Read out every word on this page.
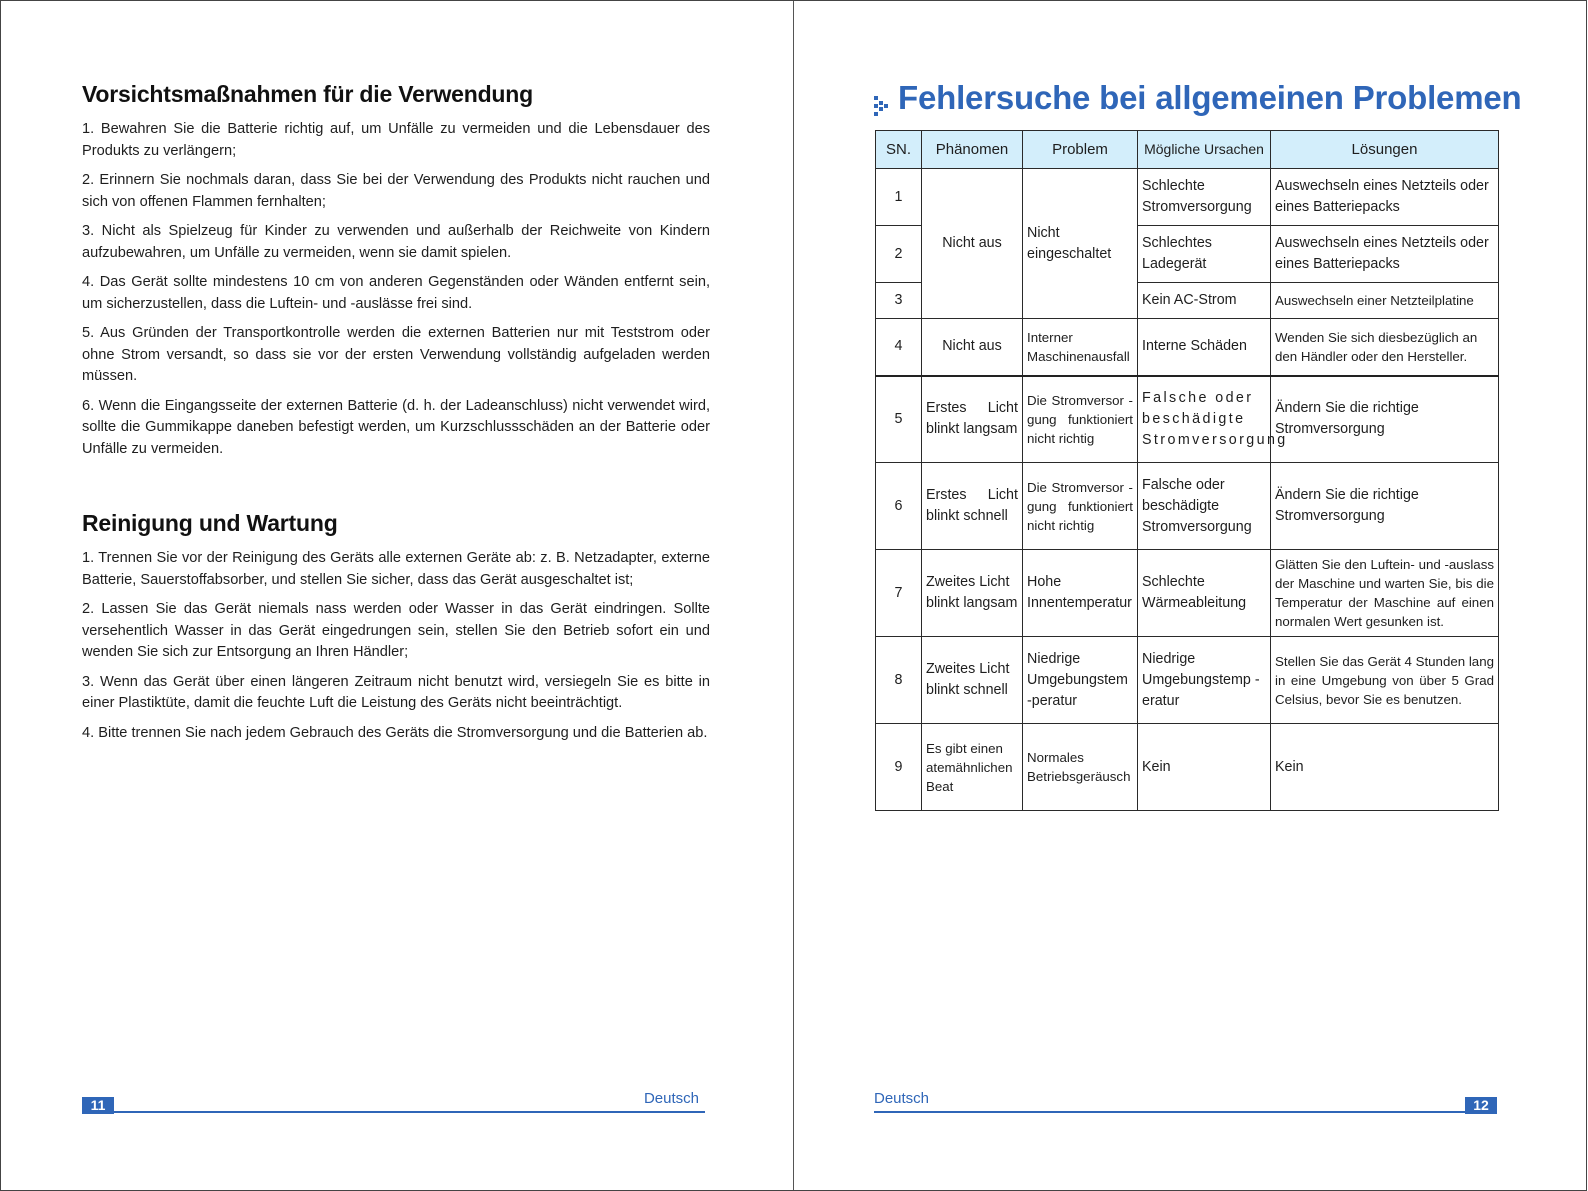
Vorsichtsmaßnahmen für die Verwendung

1. Bewahren Sie die Batterie richtig auf, um Unfälle zu vermeiden und die Lebensdauer des Produkts zu verlängern;

2. Erinnern Sie nochmals daran, dass Sie bei der Verwendung des Produkts nicht rauchen und sich von offenen Flammen fernhalten;

3. Nicht als Spielzeug für Kinder zu verwenden und außerhalb der Reichweite von Kindern aufzubewahren, um Unfälle zu vermeiden, wenn sie damit spielen.

4. Das Gerät sollte mindestens 10 cm von anderen Gegenständen oder Wänden entfernt sein, um sicherzustellen, dass die Luftein- und -auslässe frei sind.

5. Aus Gründen der Transportkontrolle werden die externen Batterien nur mit Teststrom oder ohne Strom versandt, so dass sie vor der ersten Verwendung vollständig aufgeladen werden müssen.

6. Wenn die Eingangsseite der externen Batterie (d. h. der Ladeanschluss) nicht verwendet wird, sollte die Gummikappe daneben befestigt werden, um Kurzschlussschäden an der Batterie oder Unfälle zu vermeiden.

Reinigung und Wartung

1. Trennen Sie vor der Reinigung des Geräts alle externen Geräte ab: z. B. Netzadapter, externe Batterie, Sauerstoffabsorber, und stellen Sie sicher, dass das Gerät ausgeschaltet ist;

2. Lassen Sie das Gerät niemals nass werden oder Wasser in das Gerät eindringen. Sollte versehentlich Wasser in das Gerät eingedrungen sein, stellen Sie den Betrieb sofort ein und wenden Sie sich zur Entsorgung an Ihren Händler;

3. Wenn das Gerät über einen längeren Zeitraum nicht benutzt wird, versiegeln Sie es bitte in einer Plastiktüte, damit die feuchte Luft die Leistung des Geräts nicht beeinträchtigt.

4. Bitte trennen Sie nach jedem Gebrauch des Geräts die Stromversorgung und die Batterien ab.

11	Deutsch
Fehlersuche bei allgemeinen Problemen
SN.	Phänomen	Problem	Mögliche Ursachen	Lösungen
1	Nicht aus	Nicht eingeschaltet	Schlechte Stromversorgung	Auswechseln eines Netzteils oder eines Batteriepacks
2			Schlechtes Ladegerät	Auswechseln eines Netzteils oder eines Batteriepacks
3			Kein AC-Strom	Auswechseln einer Netzteilplatine
4	Nicht aus	Interner Maschinenausfall	Interne Schäden	Wenden Sie sich diesbezüglich an den Händler oder den Hersteller.
5	Erstes Licht blinkt langsam	Die Stromversor -gung funktioniert nicht richtig	Falsche oder beschädigte Stromversorgung	Ändern Sie die richtige Stromversorgung
6	Erstes Licht blinkt schnell	Die Stromversor -gung funktioniert nicht richtig	Falsche oder beschädigte Stromversorgung	Ändern Sie die richtige Stromversorgung
7	Zweites Licht blinkt langsam	Hohe Innentemperatur	Schlechte Wärmeableitung	Glätten Sie den Luftein- und -auslass der Maschine und warten Sie, bis die Temperatur der Maschine auf einen normalen Wert gesunken ist.
8	Zweites Licht blinkt schnell	Niedrige Umgebungstem -peratur	Niedrige Umgebungstemp -eratur	Stellen Sie das Gerät 4 Stunden lang in eine Umgebung von über 5 Grad Celsius, bevor Sie es benutzen.
9	Es gibt einen atemähnlichen Beat	Normales Betriebsgeräusch	Kein	Kein
Deutsch	12
